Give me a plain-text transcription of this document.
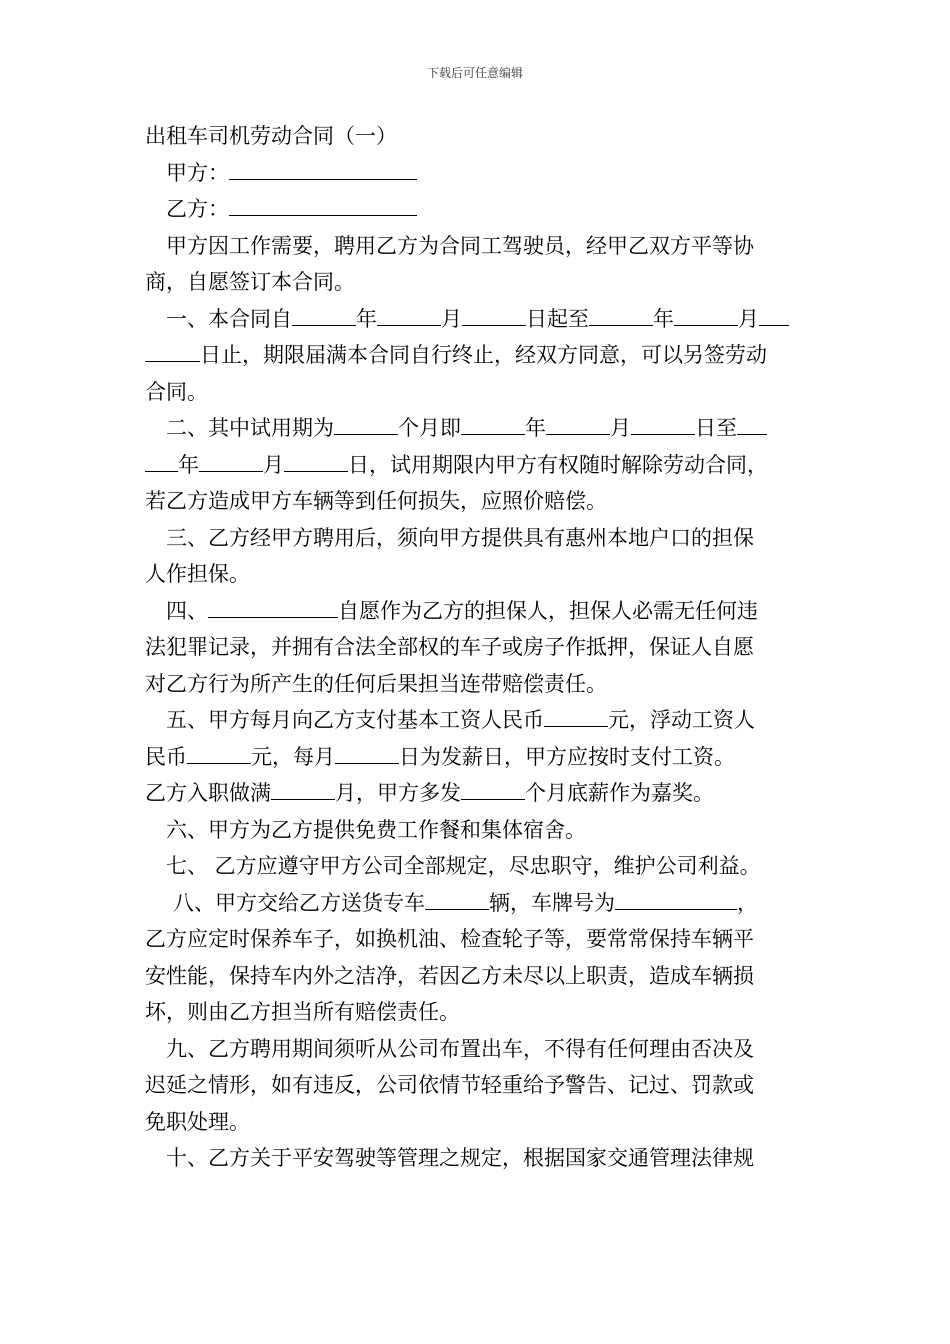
下载后可任意编辑
出租车司机劳动合同（一）
甲方：
乙方：
甲方因工作需要，聘用乙方为合同工驾驶员，经甲乙双方平等协
商，自愿签订本合同。
一、本合同自	年	月	日起至	年	月
日止，期限届满本合同自行终止，经双方同意，可以另签劳动
合同。
二、其中试用期为	个月即	年	月	日至
年	月	日，试用期限内甲方有权随时解除劳动合同，
若乙方造成甲方车辆等到任何损失，应照价赔偿。
三、乙方经甲方聘用后，须向甲方提供具有惠州本地户口的担保
人作担保。
四、	自愿作为乙方的担保人，担保人必需无任何违
法犯罪记录，并拥有合法全部权的车子或房子作抵押，保证人自愿
对乙方行为所产生的任何后果担当连带赔偿责任。
五、甲方每月向乙方支付基本工资人民币	元，浮动工资人
民币	元，每月	日为发薪日，甲方应按时支付工资。
乙方入职做满	月，甲方多发	个月底薪作为嘉奖。
六、甲方为乙方提供免费工作餐和集体宿舍。
七、 乙方应遵守甲方公司全部规定，尽忠职守，维护公司利益。
八、甲方交给乙方送货专车	辆，车牌号为	，
乙方应定时保养车子，如换机油、检查轮子等，要常常保持车辆平
安性能，保持车内外之洁净，若因乙方未尽以上职责，造成车辆损
坏，则由乙方担当所有赔偿责任。
九、乙方聘用期间须听从公司布置出车，不得有任何理由否决及
迟延之情形，如有违反，公司依情节轻重给予警告、记过、罚款或
免职处理。
十、乙方关于平安驾驶等管理之规定，根据国家交通管理法律规
